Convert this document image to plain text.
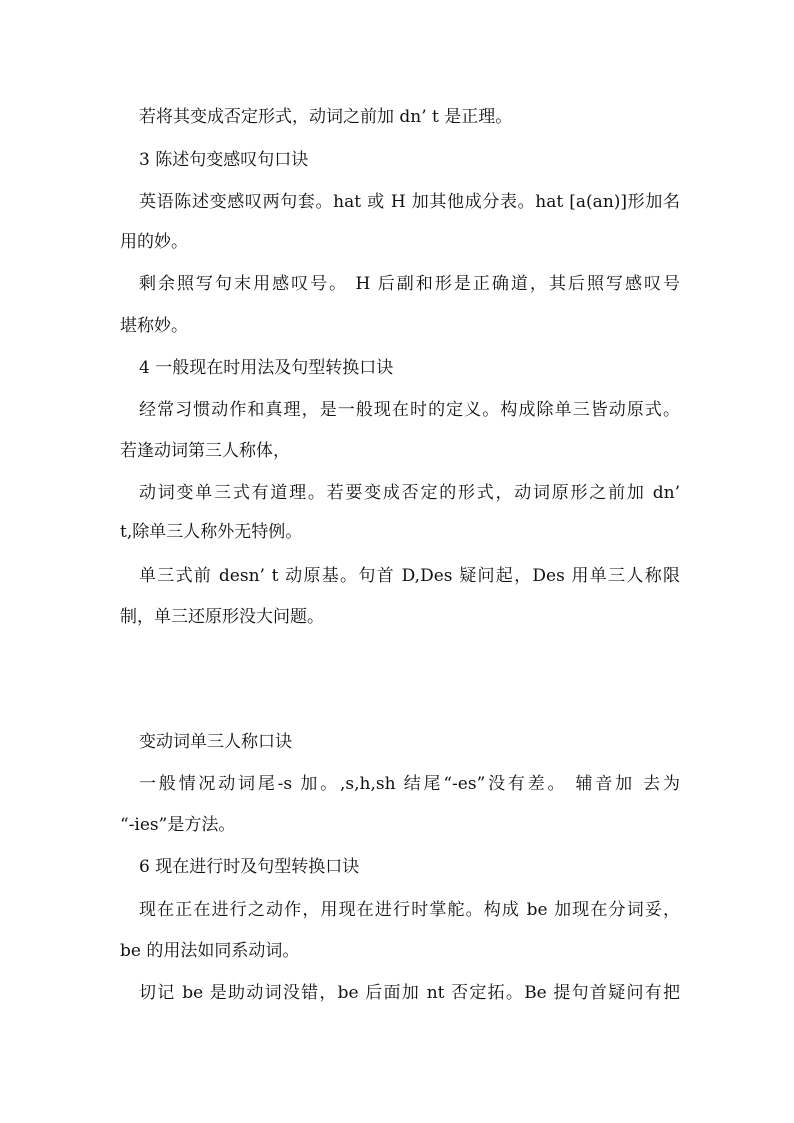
若将其变成否定形式，动词之前加 dn’ t 是正理。
3 陈述句变感叹句口诀
英语陈述变感叹两句套。hat 或 H 加其他成分表。hat [a(an)]形加名
用的妙。
剩余照写句末用感叹号。 H 后副和形是正确道，其后照写感叹号
堪称妙。
4 一般现在时用法及句型转换口诀
经常习惯动作和真理，是一般现在时的定义。构成除单三皆动原式。
若逢动词第三人称体，
动词变单三式有道理。若要变成否定的形式，动词原形之前加 dn’
t,除单三人称外无特例。
单三式前 desn’ t 动原基。句首 D,Des 疑问起，Des 用单三人称限
制，单三还原形没大问题。
变动词单三人称口诀
一般情况动词尾-s 加。,s,h,sh 结尾“-es”没有差。 辅音加 去为
“-ies”是方法。
6 现在进行时及句型转换口诀
现在正在进行之动作，用现在进行时掌舵。构成 be 加现在分词妥，
be 的用法如同系动词。
切记 be 是助动词没错，be 后面加 nt 否定拓。Be 提句首疑问有把
